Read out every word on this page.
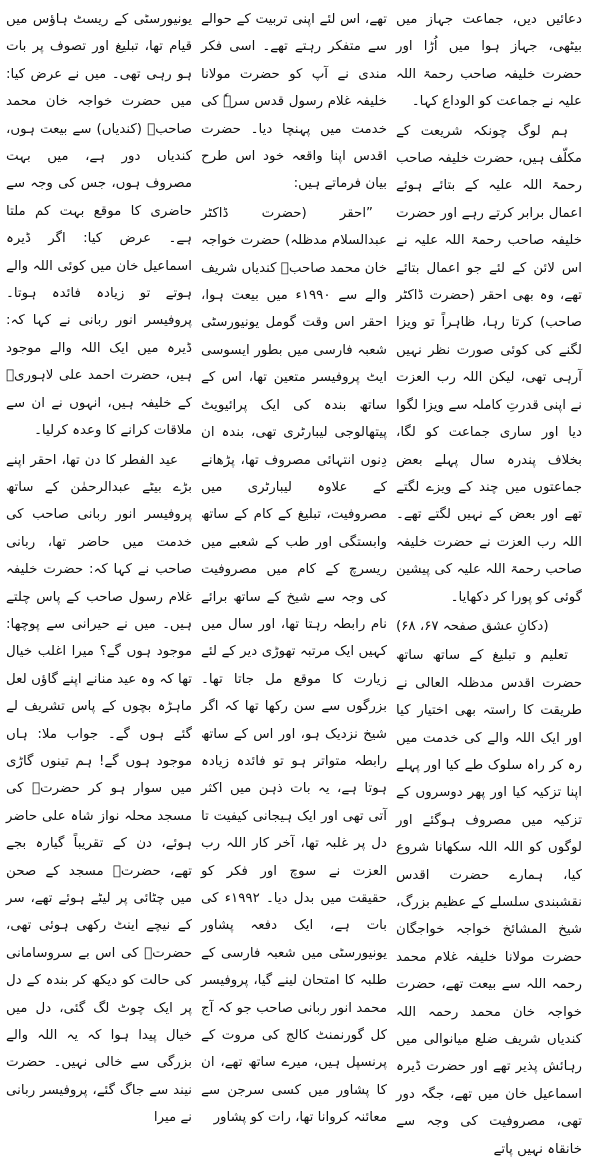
دعائیں دیں، جماعت جہاز میں بیٹھی، جہاز ہوا میں اُڑا اور حضرت خلیفہ صاحب رحمۃ اللہ علیہ نے جماعت کو الوداع کہا۔

ہم لوگ چونکہ شریعت کے مکلّف ہیں، حضرت خلیفہ صاحب رحمۃ اللہ علیہ کے بتائے ہوئے اعمال برابر کرتے رہے اور حضرت خلیفہ صاحب رحمۃ اللہ علیہ نے اس لائن کے لئے جو اعمال بتائے تھے، وہ بھی احقر (حضرت ڈاکٹر صاحب) کرتا رہا، ظاہراً تو ویزا لگنے کی کوئی صورت نظر نہیں آرہی تھی، لیکن اللہ رب العزت نے اپنی قدرتِ کاملہ سے ویزا لگوا دیا اور ساری جماعت کو لگا، بخلاف پندرہ سال پہلے بعض جماعتوں میں چند کے ویزے لگتے تھے اور بعض کے نہیں لگتے تھے۔ اللہ رب العزت نے حضرت خلیفہ صاحب رحمۃ اللہ علیہ کی پیشین گوئی کو پورا کر دکھایا۔

(دکانِ عشق صفحہ ۶۷، ۶۸)

تعلیم و تبلیغ کے ساتھ ساتھ حضرت اقدس مدظلہ العالی نے طریقت کا راستہ بھی اختیار کیا اور ایک اللہ والے کی خدمت میں رہ کر راہ سلوک طے کیا اور پہلے اپنا تزکیہ کیا اور پھر دوسروں کے تزکیہ میں مصروف ہوگئے اور لوگوں کو اللہ اللہ سکھانا شروع کیا، ہمارے حضرت اقدس نقشبندی سلسلے کے عظیم بزرگ، شیخ المشائخ خواجہ خواجگان حضرت مولانا خلیفہ غلام محمد رحمہ اللہ سے بیعت تھے، حضرت خواجہ خان محمد رحمہ اللہ کندیاں شریف ضلع میانوالی میں رہائش پذیر تھے اور حضرت ڈیرہ اسماعیل خان میں تھے، جگہ دور تھی، مصروفیت کی وجہ سے خانقاہ نہیں پاتے

تھے، اس لئے اپنی تربیت کے حوالے سے متفکر رہتے تھے۔ اسی فکر مندی نے آپ کو حضرت مولانا خلیفہ غلام رسول قدس سرہٗ کی خدمت میں پہنچا دیا۔ حضرت اقدس اپنا واقعہ خود اس طرح بیان فرماتے ہیں:

”احقر (حضرت ڈاکٹر عبدالسلام مدظلہ) حضرت خواجہ خان محمد صاحبؒ کندیاں شریف والے سے ۱۹۹۰ء میں بیعت ہوا، احقر اس وقت گومل یونیورسٹی شعبہ فارسی میں بطور ایسوسی ایٹ پروفیسر متعین تھا، اس کے ساتھ بندہ کی ایک پرائیویٹ پیتھالوجی لیبارٹری تھی، بندہ ان دِنوں انتہائی مصروف تھا، پڑھانے کے علاوہ لیبارٹری میں مصروفیت، تبلیغ کے کام کے ساتھ وابستگی اور طب کے شعبے میں ریسرچ کے کام میں مصروفیت کی وجہ سے شیخ کے ساتھ برائے نام رابطہ رہتا تھا، اور سال میں کہیں ایک مرتبہ تھوڑی دیر کے لئے زیارت کا موقع مل جاتا تھا۔ بزرگوں سے سن رکھا تھا کہ اگر شیخ نزدیک ہو، اور اس کے ساتھ رابطہ متواتر ہو تو فائدہ زیادہ ہوتا ہے، یہ بات ذہن میں اکثر آتی تھی اور ایک ہیجانی کیفیت تا دل پر غلبہ تھا، آخر کار اللہ رب العزت نے سوچ اور فکر کو حقیقت میں بدل دیا۔ ۱۹۹۲ء کی بات ہے، ایک دفعہ پشاور یونیورسٹی میں شعبہ فارسی کے طلبہ کا امتحان لینے گیا، پروفیسر محمد انور ربانی صاحب جو کہ آج کل گورنمنٹ کالج کی مروت کے پرنسپل ہیں، میرے ساتھ تھے، ان کا پشاور میں کسی سرجن سے معائنہ کروانا تھا، رات کو پشاور

یونیورسٹی کے ریسٹ ہاؤس میں قیام تھا، تبلیغ اور تصوف پر بات ہو رہی تھی۔ میں نے عرض کیا: میں حضرت خواجہ خان محمد صاحبؒ (کندیاں) سے بیعت ہوں، کندیاں دور ہے، میں بہت مصروف ہوں، جس کی وجہ سے حاضری کا موقع بہت کم ملتا ہے۔ عرض کیا: اگر ڈیرہ اسماعیل خان میں کوئی اللہ والے ہوتے تو زیادہ فائدہ ہوتا۔ پروفیسر انور ربانی نے کہا کہ: ڈیرہ میں ایک اللہ والے موجود ہیں، حضرت احمد علی لاہوریؒ کے خلیفہ ہیں، انہوں نے ان سے ملاقات کرانے کا وعدہ کرلیا۔

عید الفطر کا دن تھا، احقر اپنے بڑے بیٹے عبدالرحمٰن کے ساتھ پروفیسر انور ربانی صاحب کی خدمت میں حاضر تھا، ربانی صاحب نے کہا کہ: حضرت خلیفہ غلام رسول صاحب کے پاس چلتے ہیں۔ میں نے حیرانی سے پوچھا: موجود ہوں گے؟ میرا اغلب خیال تھا کہ وہ عید منانے اپنے گاؤں لعل ماہڑہ بچوں کے پاس تشریف لے گئے ہوں گے۔ جواب ملا: ہاں موجود ہوں گے! ہم تینوں گاڑی میں سوار ہو کر حضرتؒ کی مسجد محلہ نواز شاہ علی حاضر ہوئے، دن کے تقریباً گیارہ بجے تھے، حضرتؒ مسجد کے صحن میں چٹائی پر لیٹے ہوئے تھے، سر کے نیچے اینٹ رکھی ہوئی تھی، حضرتؒ کی اس بے سروسامانی کی حالت کو دیکھ کر بندہ کے دل پر ایک چوٹ لگ گئی، دل میں خیال پیدا ہوا کہ یہ اللہ والے بزرگی سے خالی نہیں۔ حضرت نیند سے جاگ گئے، پروفیسر ربانی نے میرا
